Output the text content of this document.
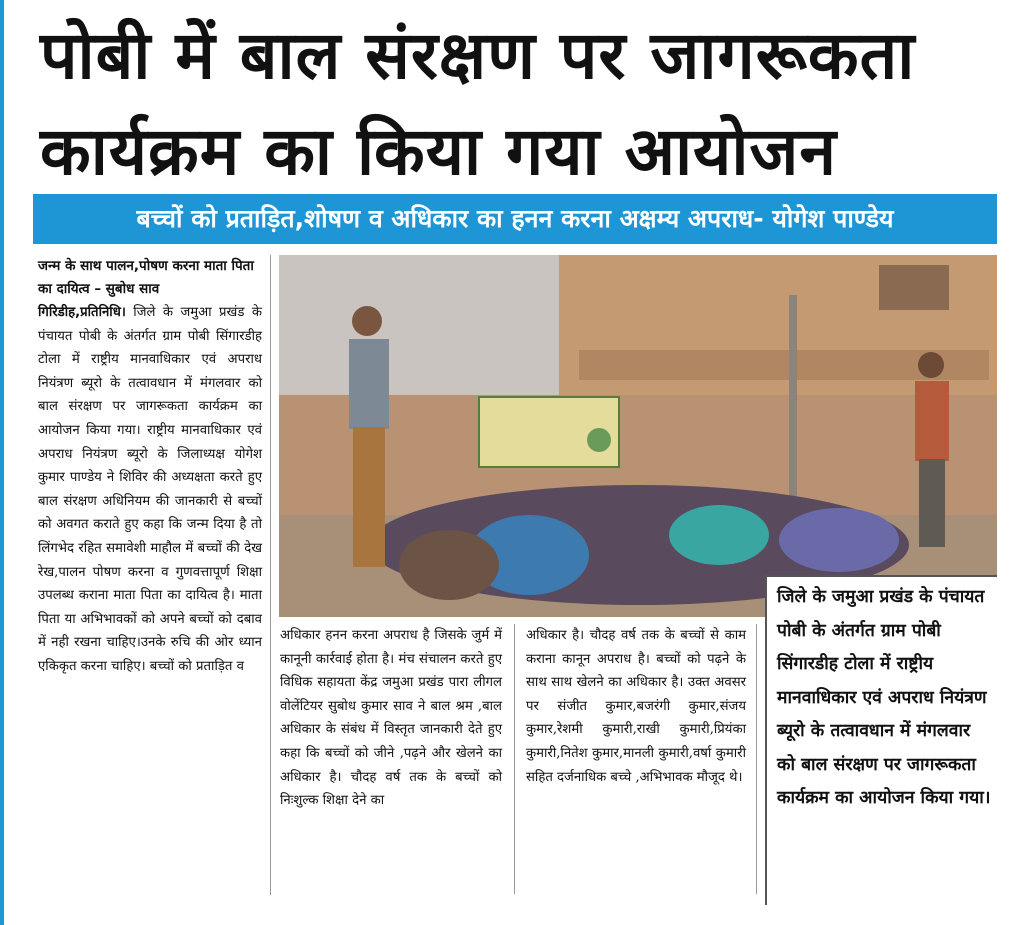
पोबी में बाल संरक्षण पर जागरूकता
कार्यक्रम का किया गया आयोजन
बच्चों को प्रताड़ित,शोषण व अधिकार का हनन करना अक्षम्य अपराध- योगेश पाण्डेय
जन्म के साथ पालन,पोषण करना माता पिता का दायित्व – सुबोध साव
गिरिडीह,प्रतिनिधि। जिले के जमुआ प्रखंड के पंचायत पोबी के अंतर्गत ग्राम पोबी सिंगारडीह टोला में राष्ट्रीय मानवाधिकार एवं अपराध नियंत्रण ब्यूरो के तत्वावधान में मंगलवार को बाल संरक्षण पर जागरूकता कार्यक्रम का आयोजन किया गया। राष्ट्रीय मानवाधिकार एवं अपराध नियंत्रण ब्यूरो के जिलाध्यक्ष योगेश कुमार पाण्डेय ने शिविर की अध्यक्षता करते हुए बाल संरक्षण अधिनियम की जानकारी से बच्चों को अवगत कराते हुए कहा कि जन्म दिया है तो लिंगभेद रहित समावेशी माहौल में बच्चों की देख रेख,पालन पोषण करना व गुणवत्तापूर्ण शिक्षा उपलब्ध कराना माता पिता का दायित्व है। माता पिता या अभिभावकों को अपने बच्चों को दबाव में नही रखना चाहिए।उनके रुचि की ओर ध्यान एकिकृत करना चाहिए। बच्चों को प्रताड़ित व
जिले के जमुआ प्रखंड के पंचायत पोबी के अंतर्गत ग्राम पोबी सिंगारडीह टोला में राष्ट्रीय मानवाधिकार एवं अपराध नियंत्रण ब्यूरो के तत्वावधान में मंगलवार को बाल संरक्षण पर जागरूकता कार्यक्रम का आयोजन किया गया।
अधिकार हनन करना अपराध है जिसके जुर्म में कानूनी कार्रवाई होता है। मंच संचालन करते हुए विधिक सहायता केंद्र जमुआ प्रखंड पारा लीगल वोलेंटियर सुबोध कुमार साव ने बाल श्रम ,बाल अधिकार के संबंध में विस्तृत जानकारी देते हुए कहा कि बच्चों को जीने ,पढ़ने और खेलने का अधिकार है। चौदह वर्ष तक के बच्चों को निःशुल्क शिक्षा देने का
अधिकार है। चौदह वर्ष तक के बच्चों से काम कराना कानून अपराध है। बच्चों को पढ़ने के साथ साथ खेलने का अधिकार है। उक्त अवसर पर संजीत कुमार,बजरंगी कुमार,संजय कुमार,रेशमी कुमारी,राखी कुमारी,प्रियंका कुमारी,नितेश कुमार,मानली कुमारी,वर्षा कुमारी सहित दर्जनाधिक बच्चे ,अभिभावक मौजूद थे।
